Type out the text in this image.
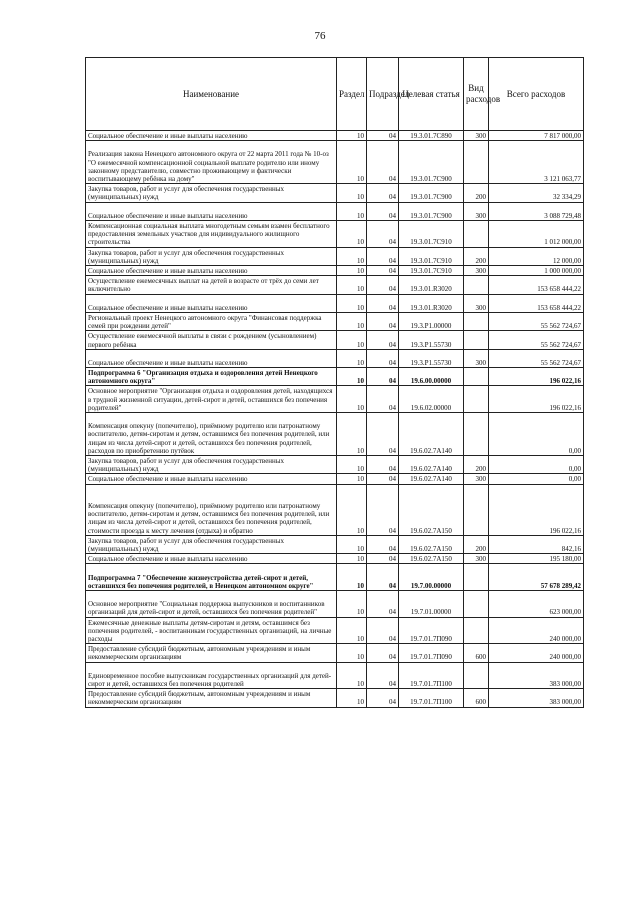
76
Наименование	Раздел	Подраздел	Целевая статья	Вид расходов	Всего расходов
Социальное обеспечение и иные выплаты населению	10	04	19.3.01.7С890	300	7 817 000,00
Реализация закона Ненецкого автономного округа от 22 марта 2011 года № 10-оз "О ежемесячной компенсационной социальной выплате родителю или иному законному представителю, совместно проживающему и фактически воспитывающему ребёнка на дому"	10	04	19.3.01.7С900		3 121 063,77
Закупка товаров, работ и услуг для обеспечения государственных (муниципальных) нужд	10	04	19.3.01.7С900	200	32 334,29
Социальное обеспечение и иные выплаты населению	10	04	19.3.01.7С900	300	3 088 729,48
Компенсационная социальная выплата многодетным семьям взамен бесплатного предоставления земельных участков для индивидуального жилищного строительства	10	04	19.3.01.7С910		1 012 000,00
Закупка товаров, работ и услуг для обеспечения государственных (муниципальных) нужд	10	04	19.3.01.7С910	200	12 000,00
Социальное обеспечение и иные выплаты населению	10	04	19.3.01.7С910	300	1 000 000,00
Осуществление ежемесячных выплат на детей в возрасте от трёх до семи лет включительно	10	04	19.3.01.R3020		153 658 444,22
Социальное обеспечение и иные выплаты населению	10	04	19.3.01.R3020	300	153 658 444,22
Региональный проект Ненецкого автономного округа "Финансовая поддержка семей при рождении детей"	10	04	19.3.P1.00000		55 562 724,67
Осуществление ежемесячной выплаты в связи с рождением (усыновлением) первого ребёнка	10	04	19.3.P1.55730		55 562 724,67
Социальное обеспечение и иные выплаты населению	10	04	19.3.P1.55730	300	55 562 724,67
Подпрограмма 6 "Организация отдыха и оздоровления детей Ненецкого автономного округа"	10	04	19.6.00.00000		196 022,16
Основное мероприятие "Организация отдыха и оздоровления детей, находящихся в трудной жизненной ситуации, детей-сирот и детей, оставшихся без попечения родителей"	10	04	19.6.02.00000		196 022,16
Компенсация опекуну (попечителю), приёмному родителю или патронатному воспитателю, детям-сиротам и детям, оставшимся без попечения родителей, или лицам из числа детей-сирот и детей, оставшихся без попечения родителей, расходов по приобретению путёвок	10	04	19.6.02.7А140		0,00
Закупка товаров, работ и услуг для обеспечения государственных (муниципальных) нужд	10	04	19.6.02.7А140	200	0,00
Социальное обеспечение и иные выплаты населению	10	04	19.6.02.7А140	300	0,00
Компенсация опекуну (попечителю), приёмному родителю или патронатному воспитателю, детям-сиротам и детям, оставшимся без попечения родителей, или лицам из числа детей-сирот и детей, оставшихся без попечения родителей, стоимости проезда к месту лечения (отдыха) и обратно	10	04	19.6.02.7А150		196 022,16
Закупка товаров, работ и услуг для обеспечения государственных (муниципальных) нужд	10	04	19.6.02.7А150	200	842,16
Социальное обеспечение и иные выплаты населению	10	04	19.6.02.7А150	300	195 180,00
Подпрограмма 7 "Обеспечение жизнеустройства детей-сирот и детей, оставшихся без попечения родителей, в Ненецком автономном округе"	10	04	19.7.00.00000		57 678 289,42
Основное мероприятие "Социальная поддержка выпускников и воспитанников организаций для детей-сирот и детей, оставшихся без попечения родителей"	10	04	19.7.01.00000		623 000,00
Ежемесячные денежные выплаты детям-сиротам и детям, оставшимся без попечения родителей, - воспитанникам государственных организаций, на личные расходы	10	04	19.7.01.7П090		240 000,00
Предоставление субсидий бюджетным, автономным учреждениям и иным некоммерческим организациям	10	04	19.7.01.7П090	600	240 000,00
Единовременное пособие выпускникам государственных организаций для детей-сирот и детей, оставшихся без попечения родителей	10	04	19.7.01.7П100		383 000,00
Предоставление субсидий бюджетным, автономным учреждениям и иным некоммерческим организациям	10	04	19.7.01.7П100	600	383 000,00
